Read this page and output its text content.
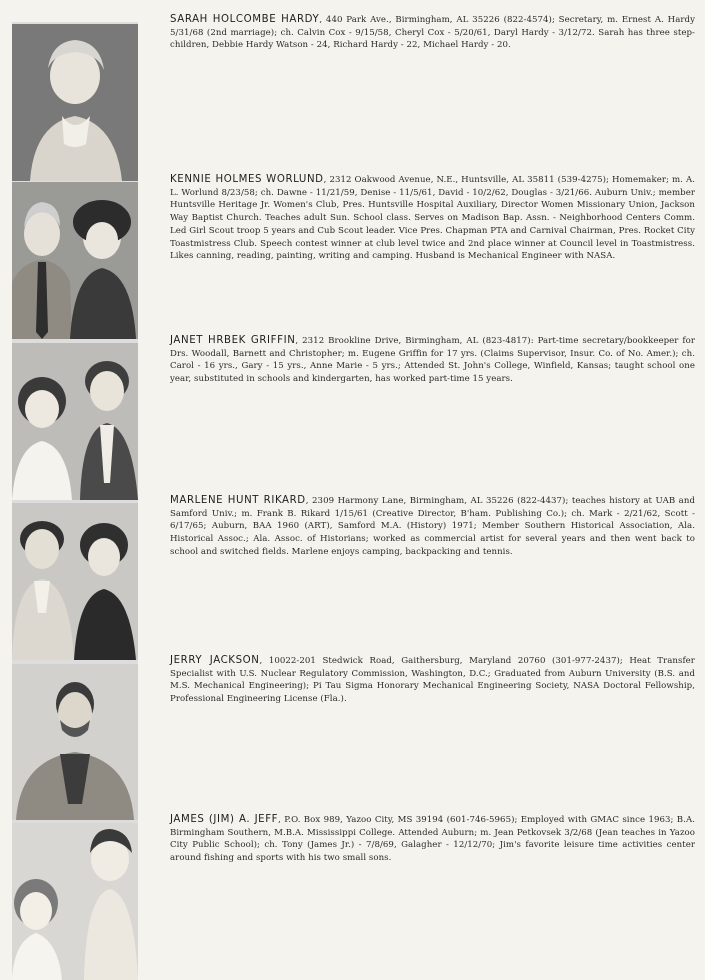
SARAH HOLCOMBE HARDY, 440 Park Ave., Birmingham, AL 35226 (822-4574); Secretary, m. Ernest A. Hardy 5/31/68 (2nd marriage); ch. Calvin Cox - 9/15/58, Cheryl Cox - 5/20/61, Daryl Hardy - 3/12/72. Sarah has three step-children, Debbie Hardy Watson - 24, Richard Hardy - 22, Michael Hardy - 20.
KENNIE HOLMES WORLUND, 2312 Oakwood Avenue, N.E., Huntsville, AL 35811 (539-4275); Homemaker; m. A. L. Worlund 8/23/58; ch. Dawne - 11/21/59, Denise - 11/5/61, David - 10/2/62, Douglas - 3/21/66. Auburn Univ.; member Huntsville Heritage Jr. Women's Club, Pres. Huntsville Hospital Auxiliary, Director Women Missionary Union, Jackson Way Baptist Church. Teaches adult Sun. School class. Serves on Madison Bap. Assn. - Neighborhood Centers Comm. Led Girl Scout troop 5 years and Cub Scout leader. Vice Pres. Chapman PTA and Carnival Chairman, Pres. Rocket City Toastmistress Club. Speech contest winner at club level twice and 2nd place winner at Council level in Toastmistress. Likes canning, reading, painting, writing and camping. Husband is Mechanical Engineer with NASA.
JANET HRBEK GRIFFIN, 2312 Brookline Drive, Birmingham, AL (823-4817): Part-time secretary/bookkeeper for Drs. Woodall, Barnett and Christopher; m. Eugene Griffin for 17 yrs. (Claims Supervisor, Insur. Co. of No. Amer.); ch. Carol - 16 yrs., Gary - 15 yrs., Anne Marie - 5 yrs.; Attended St. John's College, Winfield, Kansas; taught school one year, substituted in schools and kindergarten, has worked part-time 15 years.
MARLENE HUNT RIKARD, 2309 Harmony Lane, Birmingham, AL 35226 (822-4437); teaches history at UAB and Samford Univ.; m. Frank B. Rikard 1/15/61 (Creative Director, B'ham. Publishing Co.); ch. Mark - 2/21/62, Scott - 6/17/65; Auburn, BAA 1960 (ART), Samford M.A. (History) 1971; Member Southern Historical Association, Ala. Historical Assoc.; Ala. Assoc. of Historians; worked as commercial artist for several years and then went back to school and switched fields. Marlene enjoys camping, backpacking and tennis.
JERRY JACKSON, 10022-201 Stedwick Road, Gaithersburg, Maryland 20760 (301-977-2437); Heat Transfer Specialist with U.S. Nuclear Regulatory Commission, Washington, D.C.; Graduated from Auburn University (B.S. and M.S. Mechanical Engineering); Pi Tau Sigma Honorary Mechanical Engineering Society, NASA Doctoral Fellowship, Professional Engineering License (Fla.).
JAMES (JIM) A. JEFF, P.O. Box 989, Yazoo City, MS 39194 (601-746-5965); Employed with GMAC since 1963; B.A. Birmingham Southern, M.B.A. Mississippi College. Attended Auburn; m. Jean Petkovsek 3/2/68 (Jean teaches in Yazoo City Public School); ch. Tony (James Jr.) - 7/8/69, Galagher - 12/12/70; Jim's favorite leisure time activities center around fishing and sports with his two small sons.
